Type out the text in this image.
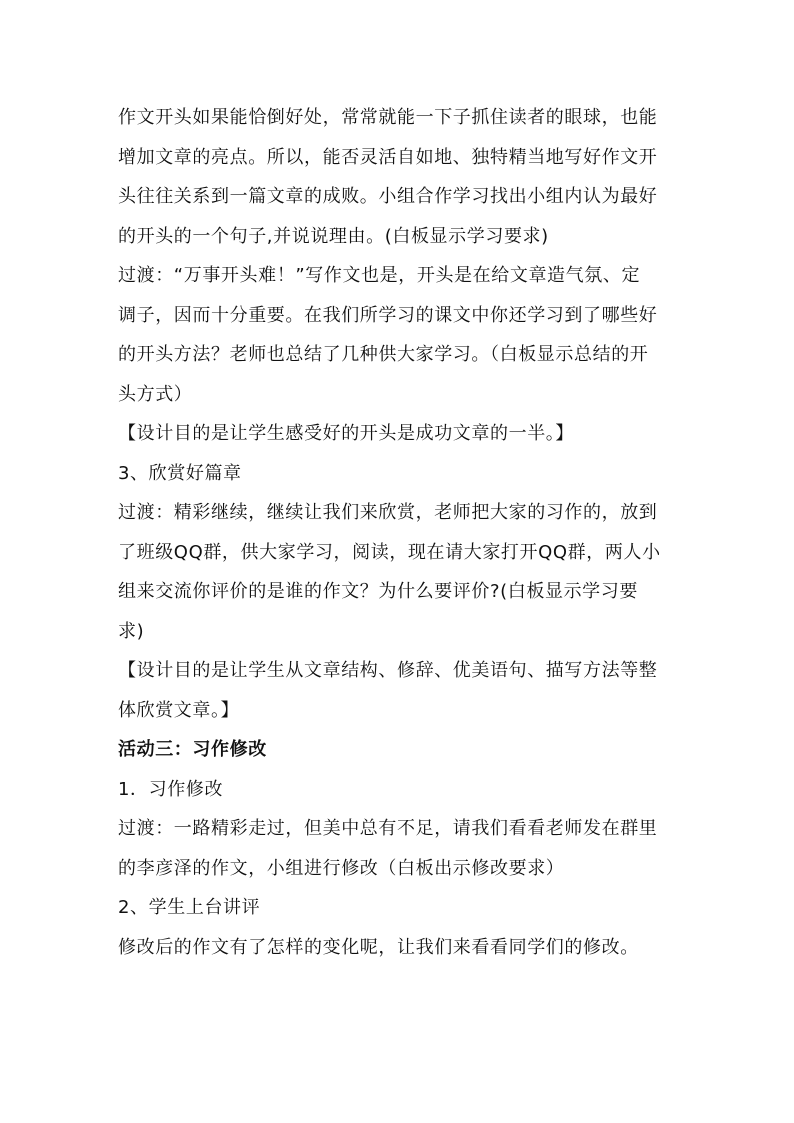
作文开头如果能恰倒好处，常常就能一下子抓住读者的眼球，也能
增加文章的亮点。所以，能否灵活自如地、独特精当地写好作文开
头往往关系到一篇文章的成败。小组合作学习找出小组内认为最好
的开头的一个句子,并说说理由。(白板显示学习要求)
过渡：“万事开头难！”写作文也是，开头是在给文章造气氛、定
调子，因而十分重要。在我们所学习的课文中你还学习到了哪些好
的开头方法？老师也总结了几种供大家学习。（白板显示总结的开
头方式）
【设计目的是让学生感受好的开头是成功文章的一半。】
3、欣赏好篇章
过渡：精彩继续，继续让我们来欣赏，老师把大家的习作的，放到
了班级QQ群，供大家学习，阅读，现在请大家打开QQ群，两人小
组来交流你评价的是谁的作文？为什么要评价?(白板显示学习要
求)
【设计目的是让学生从文章结构、修辞、优美语句、描写方法等整
体欣赏文章。】
活动三：习作修改
1．习作修改
过渡：一路精彩走过，但美中总有不足，请我们看看老师发在群里
的李彦泽的作文，小组进行修改（白板出示修改要求）
2、学生上台讲评
修改后的作文有了怎样的变化呢，让我们来看看同学们的修改。
